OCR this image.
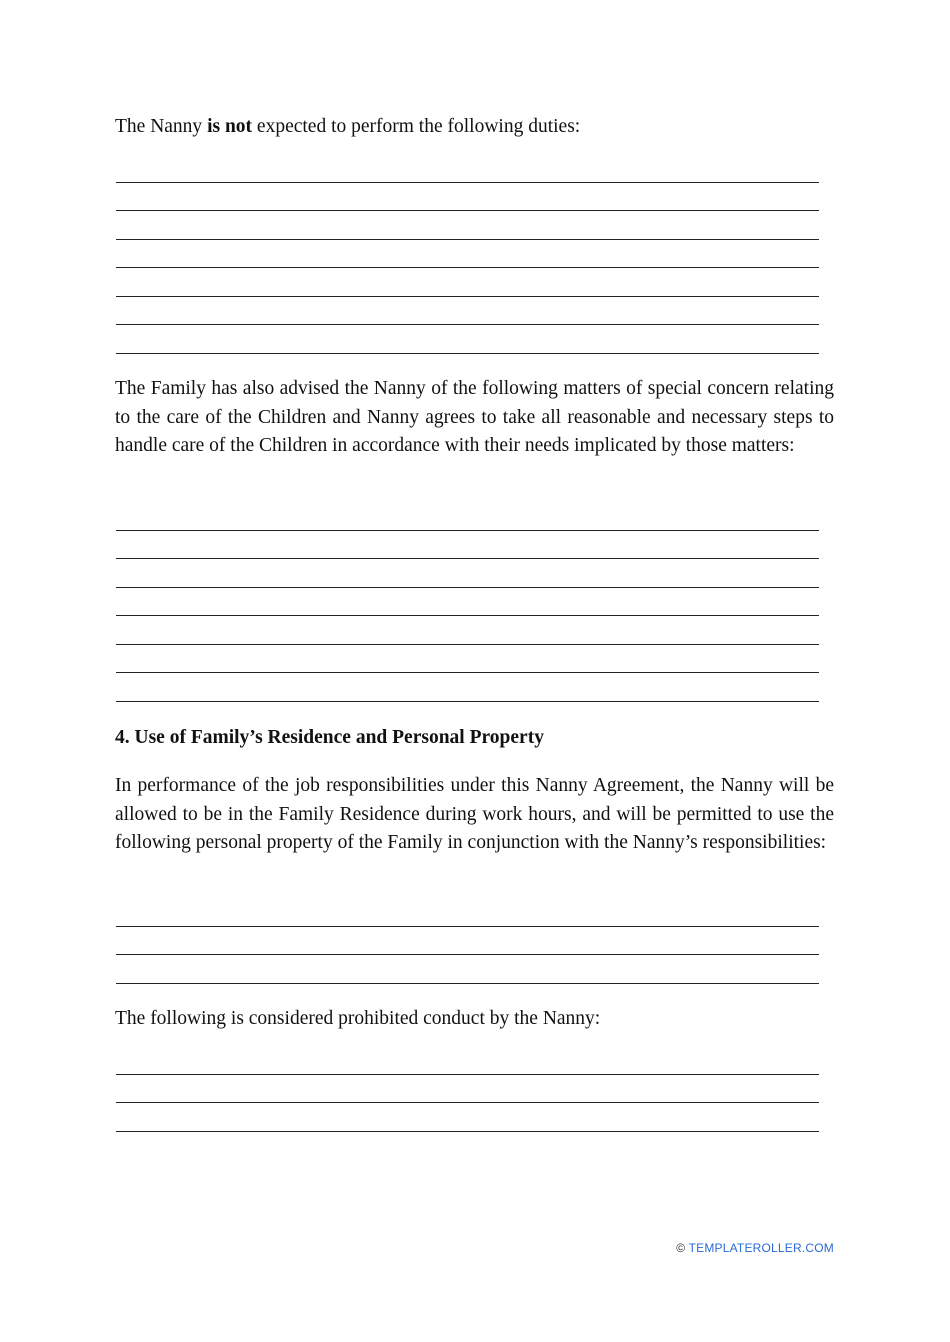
The Nanny is not expected to perform the following duties:

The Family has also advised the Nanny of the following matters of special concern relating to the care of the Children and Nanny agrees to take all reasonable and necessary steps to handle care of the Children in accordance with their needs implicated by those matters:

4. Use of Family’s Residence and Personal Property

In performance of the job responsibilities under this Nanny Agreement, the Nanny will be allowed to be in the Family Residence during work hours, and will be permitted to use the following personal property of the Family in conjunction with the Nanny’s responsibilities:

The following is considered prohibited conduct by the Nanny:

© TEMPLATEROLLER.COM
